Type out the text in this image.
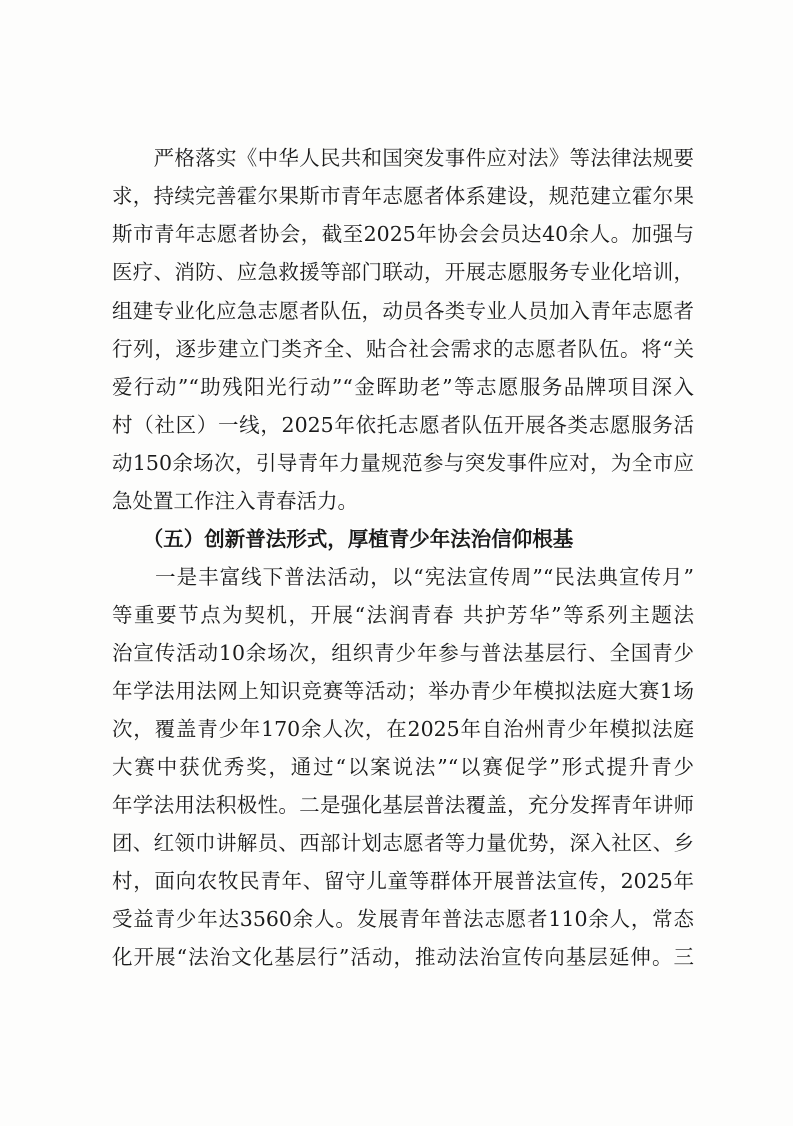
　　严格落实《中华人民共和国突发事件应对法》等法律法规要
求，持续完善霍尔果斯市青年志愿者体系建设，规范建立霍尔果
斯市青年志愿者协会，截至2025年协会会员达40余人。加强与
医疗、消防、应急救援等部门联动，开展志愿服务专业化培训，
组建专业化应急志愿者队伍，动员各类专业人员加入青年志愿者
行列，逐步建立门类齐全、贴合社会需求的志愿者队伍。将“关
爱行动”“助残阳光行动”“金晖助老”等志愿服务品牌项目深入
村（社区）一线，2025年依托志愿者队伍开展各类志愿服务活
动150余场次，引导青年力量规范参与突发事件应对，为全市应
急处置工作注入青春活力。
　　（五）创新普法形式，厚植青少年法治信仰根基
　　一是丰富线下普法活动，以“宪法宣传周”“民法典宣传月”
等重要节点为契机，开展“法润青春 共护芳华”等系列主题法
治宣传活动10余场次，组织青少年参与普法基层行、全国青少
年学法用法网上知识竞赛等活动；举办青少年模拟法庭大赛1场
次，覆盖青少年170余人次，在2025年自治州青少年模拟法庭
大赛中获优秀奖，通过“以案说法”“以赛促学”形式提升青少
年学法用法积极性。二是强化基层普法覆盖，充分发挥青年讲师
团、红领巾讲解员、西部计划志愿者等力量优势，深入社区、乡
村，面向农牧民青年、留守儿童等群体开展普法宣传，2025年
受益青少年达3560余人。发展青年普法志愿者110余人，常态
化开展“法治文化基层行”活动，推动法治宣传向基层延伸。三
